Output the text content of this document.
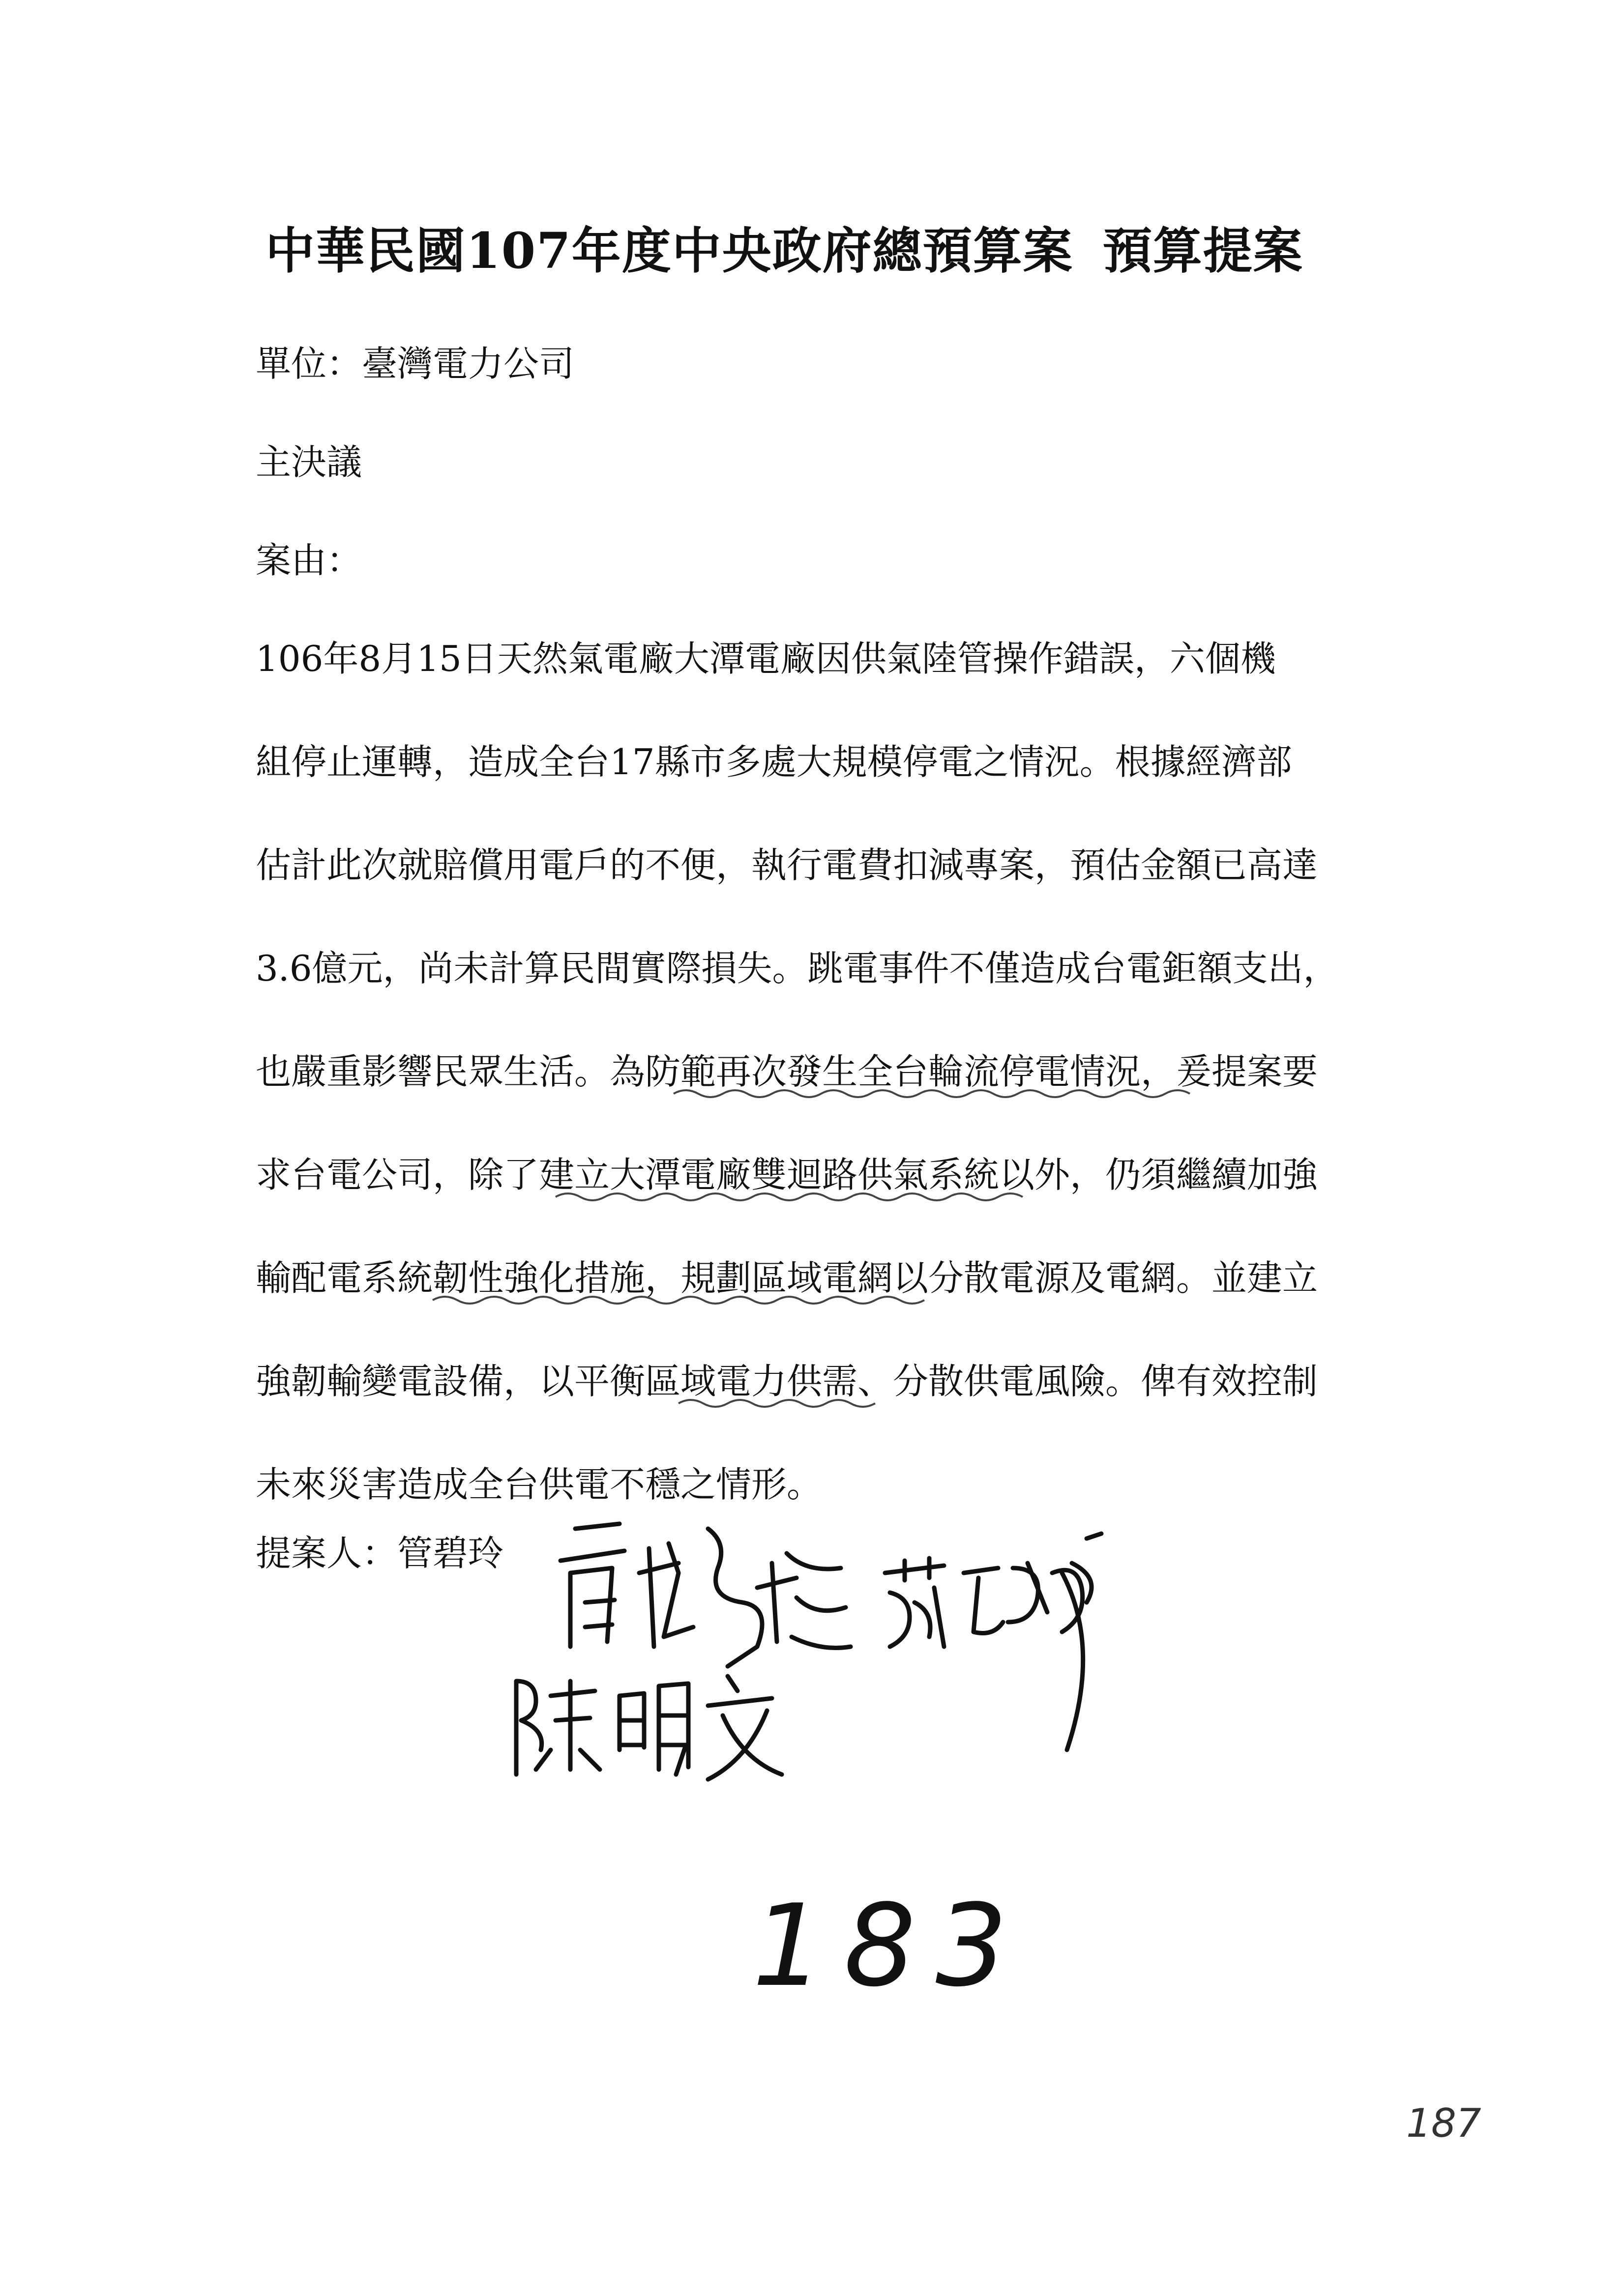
中華民國107年度中央政府總預算案 預算提案
單位：臺灣電力公司
主決議
案由：
106年8月15日天然氣電廠大潭電廠因供氣陸管操作錯誤，六個機
組停止運轉，造成全台17縣市多處大規模停電之情況。根據經濟部
估計此次就賠償用電戶的不便，執行電費扣減專案，預估金額已高達
3.6億元，尚未計算民間實際損失。跳電事件不僅造成台電鉅額支出，
也嚴重影響民眾生活。為防範再次發生全台輪流停電情況，爰提案要
求台電公司，除了建立大潭電廠雙迴路供氣系統以外，仍須繼續加強
輸配電系統韌性強化措施，規劃區域電網以分散電源及電網。並建立
強韌輸變電設備，以平衡區域電力供需、分散供電風險。俾有效控制
未來災害造成全台供電不穩之情形。
提案人：管碧玲
183
187
